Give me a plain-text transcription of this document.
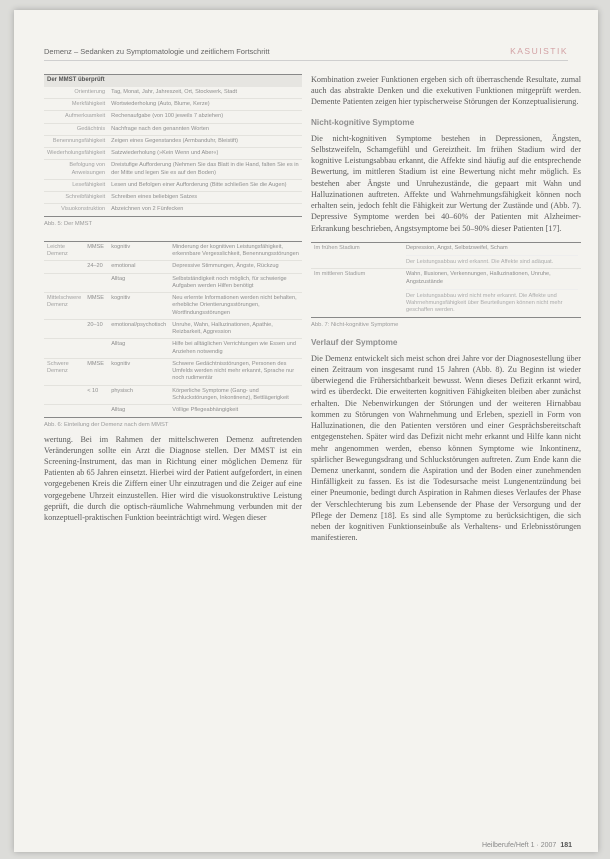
Demenz – Sedanken zu Symptomatologie und zeitlichem Fortschritt	KASUISTIK
Der MMST überprüft	
Orientierung	Tag, Monat, Jahr, Jahreszeit, Ort, Stockwerk, Stadt
Merkfähigkeit	Wortwiederholung (Auto, Blume, Kerze)
Aufmerksamkeit	Rechenaufgabe (von 100 jeweils 7 abziehen)
Gedächtnis	Nachfrage nach den genannten Worten
Benennungsfähigkeit	Zeigen eines Gegenstandes (Armbanduhr, Bleistift)
Wiederholungsfähigkeit	Satzwiederholung (»Kein Wenn und Aber«)
Befolgung von Anweisungen	Dreistufige Aufforderung (Nehmen Sie das Blatt in die Hand, falten Sie es in der Mitte und legen Sie es auf den Boden)
Lesefähigkeit	Lesen und Befolgen einer Aufforderung (Bitte schließen Sie die Augen)
Schreibfähigkeit	Schreiben eines beliebigen Satzes
Visuokonstruktion	Abzeichnen von 2 Fünfecken
Abb. 5: Der MMST
Leichte Demenz	MMSE	kognitiv	Minderung der kognitiven Leistungsfähigkeit, erkennbare Vergesslichkeit, Benennungsstörungen
	24–20	emotional	Depressive Stimmungen, Ängste, Rückzug
		Alltag	Selbstständigkeit noch möglich, für schwierige Aufgaben werden Hilfen benötigt
Mittelschwere Demenz	MMSE	kognitiv	Neu erlernte Informationen werden nicht behalten, erhebliche Orientierungsstörungen, Wortfindungsstörungen
	20–10	emotional/psychotisch	Unruhe, Wahn, Halluzinationen, Apathie, Reizbarkeit, Aggression
		Alltag	Hilfe bei alltäglichen Verrichtungen wie Essen und Anziehen notwendig
Schwere Demenz	MMSE	kognitiv	Schwere Gedächtnisstörungen, Personen des Umfelds werden nicht mehr erkannt, Sprache nur noch rudimentär
	< 10	physisch	Körperliche Symptome (Gang- und Schluckstörungen, Inkontinenz), Bettlägerigkeit
		Alltag	Völlige Pflegeabhängigkeit
Abb. 6: Einteilung der Demenz nach dem MMST

wertung. Bei im Rahmen der mittelschweren Demenz auftretenden Veränderungen sollte ein Arzt die Diagnose stellen. Der MMST ist ein Screening-Instrument, das man in Richtung einer möglichen Demenz für Patienten ab 65 Jahren einsetzt. Hierbei wird der Patient aufgefordert, in einen vorgegebenen Kreis die Ziffern einer Uhr einzutragen und die Zeiger auf eine vorgegebene Uhrzeit einzustellen. Hier wird die visuokonstruktive Leistung geprüft, die durch die optisch-räumliche Wahrnehmung verbunden mit der konzeptuell-praktischen Funktion beeinträchtigt wird. Wegen dieser

Kombination zweier Funktionen ergeben sich oft überraschende Resultate, zumal auch das abstrakte Denken und die exekutiven Funktionen mitgeprüft werden. Demente Patienten zeigen hier typischerweise Störungen der Konzeptualisierung.

Nicht-kognitive Symptome

Die nicht-kognitiven Symptome bestehen in Depressionen, Ängsten, Selbstzweifeln, Schamgefühl und Gereiztheit. Im frühen Stadium wird der kognitive Leistungsabbau erkannt, die Affekte sind häufig auf die entsprechende Bewertung, im mittleren Stadium ist eine Bewertung nicht mehr möglich. Es bestehen aber Ängste und Unruhezustände, die gepaart mit Wahn und Halluzinationen auftreten. Affekte und Wahrnehmungsfähigkeit können noch erhalten sein, jedoch fehlt die Fähigkeit zur Wertung der Zustände und (Abb. 7). Depressive Symptome werden bei 40–60% der Patienten mit Alzheimer-Erkrankung beschrieben, Angstsymptome bei 50–90% dieser Patienten [17].

Im frühen Stadium	Depression, Angst, Selbstzweifel, Scham
Der Leistungsabbau wird erkannt. Die Affekte sind adäquat.

Im mittleren Stadium	Wahn, Illusionen, Verkennungen, Halluzinationen, Unruhe, Angstzustände
Der Leistungsabbau wird nicht mehr erkannt. Die Affekte und Wahrnehmungsfähigkeit über Beurteilungen können nicht mehr geschaffen werden.
Abb. 7: Nicht-kognitive Symptome
Verlauf der Symptome

Die Demenz entwickelt sich meist schon drei Jahre vor der Diagnosestellung über einen Zeitraum von insgesamt rund 15 Jahren (Abb. 8). Zu Beginn ist wieder überwiegend die Frühersichtbarkeit bewusst. Wenn dieses Defizit erkannt wird, wird es überdeckt. Die erweiterten kognitiven Fähigkeiten bleiben aber zunächst erhalten. Die Nebenwirkungen der Störungen und der weiteren Hirnabbau kommen zu Störungen von Wahrnehmung und Erleben, speziell in Form von Halluzinationen, die den Patienten verstören und einer Gesprächsbereitschaft entgegenstehen. Später wird das Defizit nicht mehr erkannt und Hilfe kann nicht mehr angenommen werden, ebenso können Symptome wie Inkontinenz, spärlicher Bewegungsdrang und Schluckstörungen auftreten. Zum Ende kann die Demenz unerkannt, sondern die Aspiration und der Boden einer zunehmenden Hinfälligkeit zu fassen. Es ist die Todesursache meist Lungenentzündung bei einer Pneumonie, bedingt durch Aspiration in Rahmen dieses Verlaufes der Phase der Verschlechterung bis zum Lebensende der Phase der Versorgung und der Pflege der Demenz [18]. Es sind alle Symptome zu berücksichtigen, die sich neben der kognitiven Funktionseinbuße als Verhaltens- und Erlebnisstörungen manifestieren.

Heilberufe/Heft 1 · 2007 181
